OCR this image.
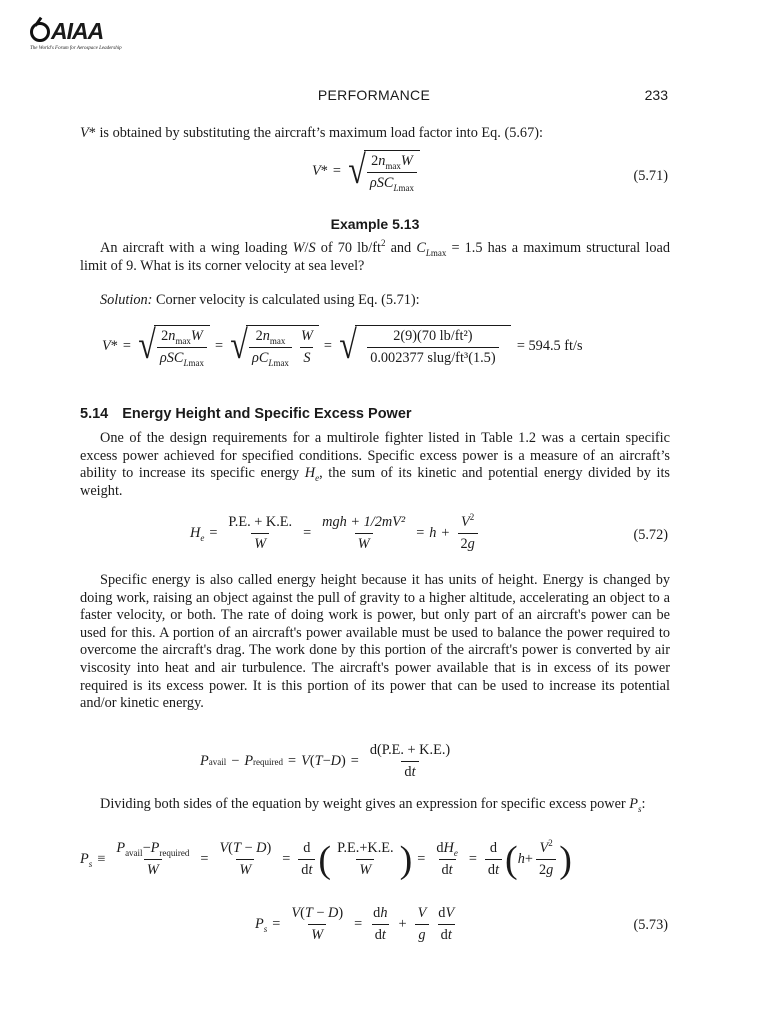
AIAA
The World's Forum for Aerospace Leadership
PERFORMANCE	233
V* is obtained by substituting the aircraft’s maximum load factor into Eq. (5.67):
V * = √ $\frac{2n_{max}W}{\rho SC_{Lmax}}$	(5.71)
Example 5.13
An aircraft with a wing loading W/S of 70 $lb/ft^2$ and $C_{Lmax} = 1.5$ has a maximum structural load limit of 9. What is its corner velocity at sea level?
Solution: Corner velocity is calculated using Eq. (5.71):
V * = √ $\frac{2n_{max}W}{\rho SC_{Lmax}}$ = √ $\frac{2n_{max}}{\rho C_{Lmax}} \frac{W}{S}$ = √ $\frac{\text{2(9)(70 lb/ft²)}}{\text{0.002377 slug/ft³(1.5)}} = 594.5$ ft/s
5.14 Energy Height and Specific Excess Power
One of the design requirements for a multirole fighter listed in Table 1.2 was a certain specific excess power achieved for specified conditions. Specific excess power is a measure of an aircraft’s ability to increase its specific energy $H_e$, the sum of its kinetic and potential energy divided by its weight.
$H_e = \frac{P.E. + K.E.}{W} = \frac{\text{mgh + 1/2mV²}}{W} = h + \frac{V^2}{2g}$	(5.72)
Specific energy is also called energy height because it has units of height. Energy is changed by doing work, raising an object against the pull of gravity to a higher altitude, accelerating an object to a faster velocity, or both. The rate of doing work is power, but only part of an aircraft's power can be used for this. A portion of an aircraft's power available must be used to balance the power required to overcome the aircraft's drag. The work done by this portion of the aircraft's power is converted by air viscosity into heat and air turbulence. The aircraft's power available that is in excess of its power required is its excess power. It is this portion of its power that can be used to increase its potential and/or kinetic energy.
P avail − P required = V ( T − D ) = $\frac{d(P.E. + K.E.)}{dt}$
Dividing both sides of the equation by weight gives an expression for specific excess power $P_s$:
$P_s \equiv \frac{P_{avail}-P_{required}}{W} = \frac{V(T - D)}{W} = \frac{d}{dt}$ ( $\frac{P.E.+K.E.}{W}$ ) = $\frac{dH_e}{dt} = \frac{d}{dt}$ ( $h + \frac{V^2}{2g}$ )
$P_s = \frac{V(T - D)}{W} = \frac{dh}{dt} + \frac{V}{g} \frac{dV}{dt}$	(5.73)
